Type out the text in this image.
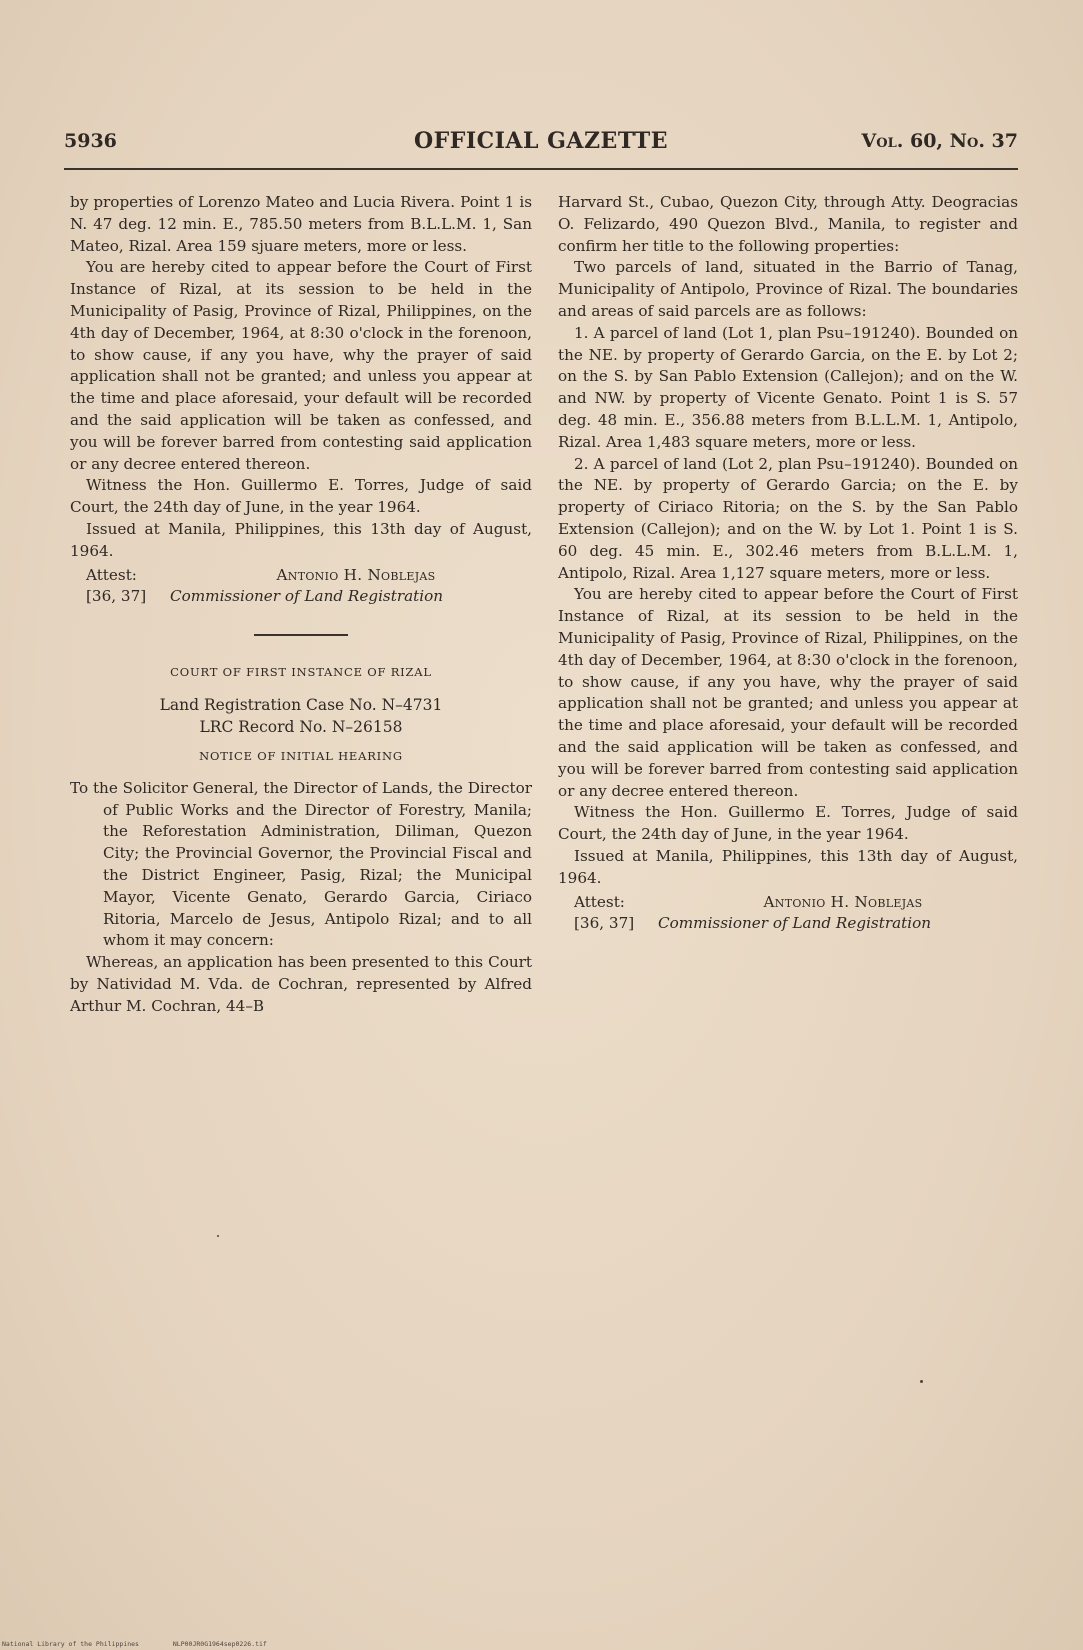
5936	OFFICIAL GAZETTE	Vol. 60, No. 37

by properties of Lorenzo Mateo and Lucia Rivera. Point 1 is N. 47 deg. 12 min. E., 785.50 meters from B.L.L.M. 1, San Mateo, Rizal. Area 159 sjuare meters, more or less.

You are hereby cited to appear before the Court of First Instance of Rizal, at its session to be held in the Municipality of Pasig, Province of Rizal, Philippines, on the 4th day of December, 1964, at 8:30 o'clock in the forenoon, to show cause, if any you have, why the prayer of said application shall not be granted; and unless you appear at the time and place aforesaid, your default will be recorded and the said application will be taken as confessed, and you will be forever barred from contesting said application or any decree entered thereon.

Witness the Hon. Guillermo E. Torres, Judge of said Court, the 24th day of June, in the year 1964.

Issued at Manila, Philippines, this 13th day of August, 1964.

Attest:
[36, 37]
Antonio H. Noblejas
Commissioner of Land Registration
COURT OF FIRST INSTANCE OF RIZAL
Land Registration Case No. N–4731
LRC Record No. N–26158
NOTICE OF INITIAL HEARING

To the Solicitor General, the Director of Lands, the Director of Public Works and the Director of Forestry, Manila; the Reforestation Administration, Diliman, Quezon City; the Provincial Governor, the Provincial Fiscal and the District Engineer, Pasig, Rizal; the Municipal Mayor, Vicente Genato, Gerardo Garcia, Ciriaco Ritoria, Marcelo de Jesus, Antipolo Rizal; and to all whom it may concern:

Whereas, an application has been presented to this Court by Natividad M. Vda. de Cochran, represented by Alfred Arthur M. Cochran, 44–B

Harvard St., Cubao, Quezon City, through Atty. Deogracias O. Felizardo, 490 Quezon Blvd., Manila, to register and confirm her title to the following properties:

Two parcels of land, situated in the Barrio of Tanag, Municipality of Antipolo, Province of Rizal. The boundaries and areas of said parcels are as follows:

1. A parcel of land (Lot 1, plan Psu–191240). Bounded on the NE. by property of Gerardo Garcia, on the E. by Lot 2; on the S. by San Pablo Extension (Callejon); and on the W. and NW. by property of Vicente Genato. Point 1 is S. 57 deg. 48 min. E., 356.88 meters from B.L.L.M. 1, Antipolo, Rizal. Area 1,483 square meters, more or less.

2. A parcel of land (Lot 2, plan Psu–191240). Bounded on the NE. by property of Gerardo Garcia; on the E. by property of Ciriaco Ritoria; on the S. by the San Pablo Extension (Callejon); and on the W. by Lot 1. Point 1 is S. 60 deg. 45 min. E., 302.46 meters from B.L.L.M. 1, Antipolo, Rizal. Area 1,127 square meters, more or less.

You are hereby cited to appear before the Court of First Instance of Rizal, at its session to be held in the Municipality of Pasig, Province of Rizal, Philippines, on the 4th day of December, 1964, at 8:30 o'clock in the forenoon, to show cause, if any you have, why the prayer of said application shall not be granted; and unless you appear at the time and place aforesaid, your default will be recorded and the said application will be taken as confessed, and you will be forever barred from contesting said application or any decree entered thereon.

Witness the Hon. Guillermo E. Torres, Judge of said Court, the 24th day of June, in the year 1964.

Issued at Manila, Philippines, this 13th day of August, 1964.

Attest:
[36, 37]
Antonio H. Noblejas
Commissioner of Land Registration
National Library of the Philippines	NLP00JR0G1964sep0226.tif
